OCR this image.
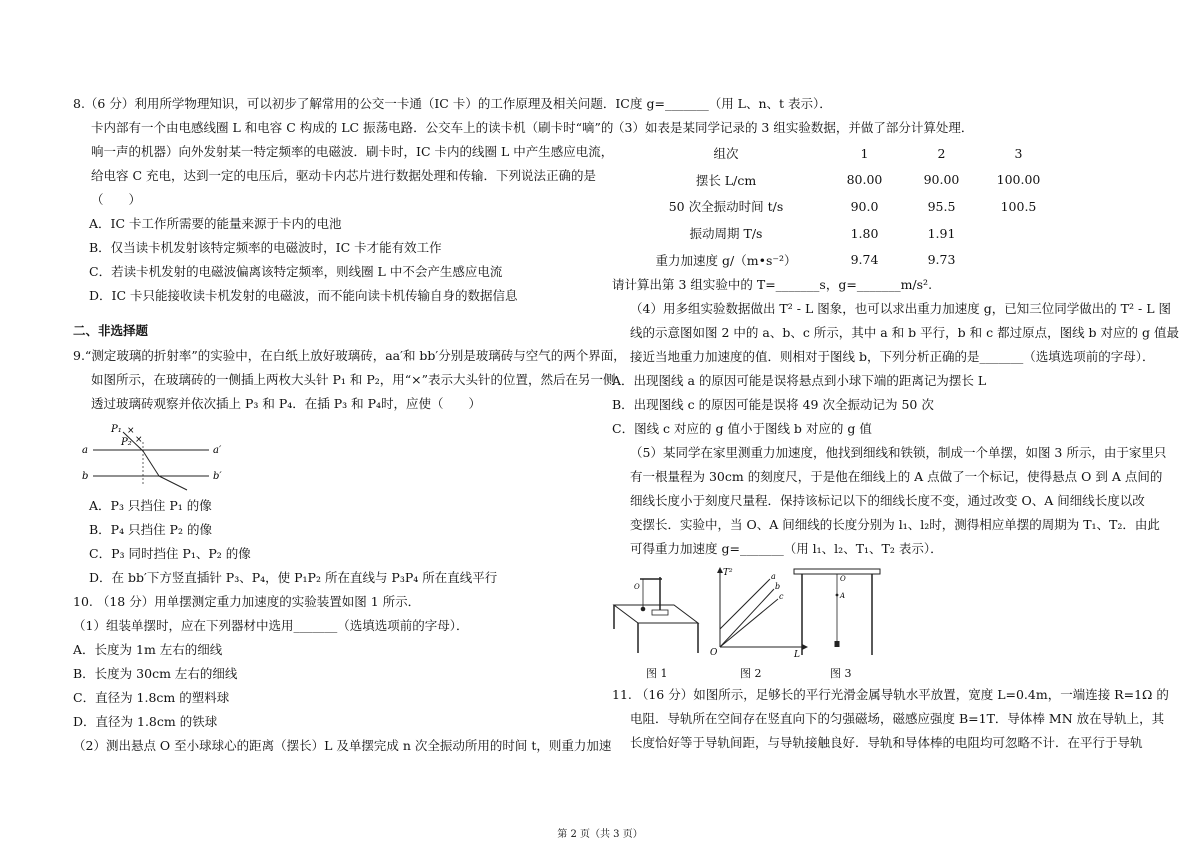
8.（6 分）利用所学物理知识，可以初步了解常用的公交一卡通（IC 卡）的工作原理及相关问题．IC
卡内部有一个由电感线圈 L 和电容 C 构成的 LC 振荡电路．公交车上的读卡机（刷卡时“嘀”的
响一声的机器）向外发射某一特定频率的电磁波．刷卡时，IC 卡内的线圈 L 中产生感应电流，
给电容 C 充电，达到一定的电压后，驱动卡内芯片进行数据处理和传输．下列说法正确的是
（　　）
A．IC 卡工作所需要的能量来源于卡内的电池
B．仅当读卡机发射该特定频率的电磁波时，IC 卡才能有效工作
C．若读卡机发射的电磁波偏离该特定频率，则线圈 L 中不会产生感应电流
D．IC 卡只能接收读卡机发射的电磁波，而不能向读卡机传输自身的数据信息
二、非选择题
9.“测定玻璃的折射率”的实验中，在白纸上放好玻璃砖，aa′和 bb′分别是玻璃砖与空气的两个界面，
如图所示，在玻璃砖的一侧插上两枚大头针 P₁ 和 P₂，用“×”表示大头针的位置，然后在另一侧
透过玻璃砖观察并依次插上 P₃ 和 P₄．在插 P₃ 和 P₄时，应使（　　）
×
×
P₁
P₂
a	a′
b	b′
A．P₃ 只挡住 P₁ 的像
B．P₄ 只挡住 P₂ 的像
C．P₃ 同时挡住 P₁、P₂ 的像
D．在 bb′下方竖直插针 P₃、P₄，使 P₁P₂ 所在直线与 P₃P₄ 所在直线平行
10. （18 分）用单摆测定重力加速度的实验装置如图 1 所示．
（1）组装单摆时，应在下列器材中选用_______（选填选项前的字母）．
A．长度为 1m 左右的细线
B．长度为 30cm 左右的细线
C．直径为 1.8cm 的塑料球
D．直径为 1.8cm 的铁球
（2）测出悬点 O 至小球球心的距离（摆长）L 及单摆完成 n 次全振动所用的时间 t，则重力加速
度 g=_______（用 L、n、t 表示）．
（3）如表是某同学记录的 3 组实验数据，并做了部分计算处理．
组次	1	2	3
摆长 L/cm	80.00	90.00	100.00
50 次全振动时间 t/s	90.0	95.5	100.5
振动周期 T/s	1.80	1.91	
重力加速度 g/（m•s⁻²）	9.74	9.73	
请计算出第 3 组实验中的 T=_______s，g=_______m/s².
（4）用多组实验数据做出 T² - L 图象，也可以求出重力加速度 g，已知三位同学做出的 T² - L 图
线的示意图如图 2 中的 a、b、c 所示，其中 a 和 b 平行，b 和 c 都过原点，图线 b 对应的 g 值最
接近当地重力加速度的值．则相对于图线 b，下列分析正确的是_______（选填选项前的字母）．
A．出现图线 a 的原因可能是误将悬点到小球下端的距离记为摆长 L
B．出现图线 c 的原因可能是误将 49 次全振动记为 50 次
C．图线 c 对应的 g 值小于图线 b 对应的 g 值
（5）某同学在家里测重力加速度，他找到细线和铁锁，制成一个单摆，如图 3 所示，由于家里只
有一根量程为 30cm 的刻度尺，于是他在细线上的 A 点做了一个标记，使得悬点 O 到 A 点间的
细线长度小于刻度尺量程．保持该标记以下的细线长度不变，通过改变 O、A 间细线长度以改
变摆长．实验中，当 O、A 间细线的长度分别为 l₁、l₂时，测得相应单摆的周期为 T₁、T₂．由此
可得重力加速度 g=_______（用 l₁、l₂、T₁、T₂ 表示）．
O
图 1
T²
L
O
a
b
c
图 2
O
A
图 3
11. （16 分）如图所示，足够长的平行光滑金属导轨水平放置，宽度 L=0.4m，一端连接 R=1Ω 的
电阻．导轨所在空间存在竖直向下的匀强磁场，磁感应强度 B=1T．导体棒 MN 放在导轨上，其
长度恰好等于导轨间距，与导轨接触良好．导轨和导体棒的电阻均可忽略不计．在平行于导轨
第 2 页（共 3 页）
